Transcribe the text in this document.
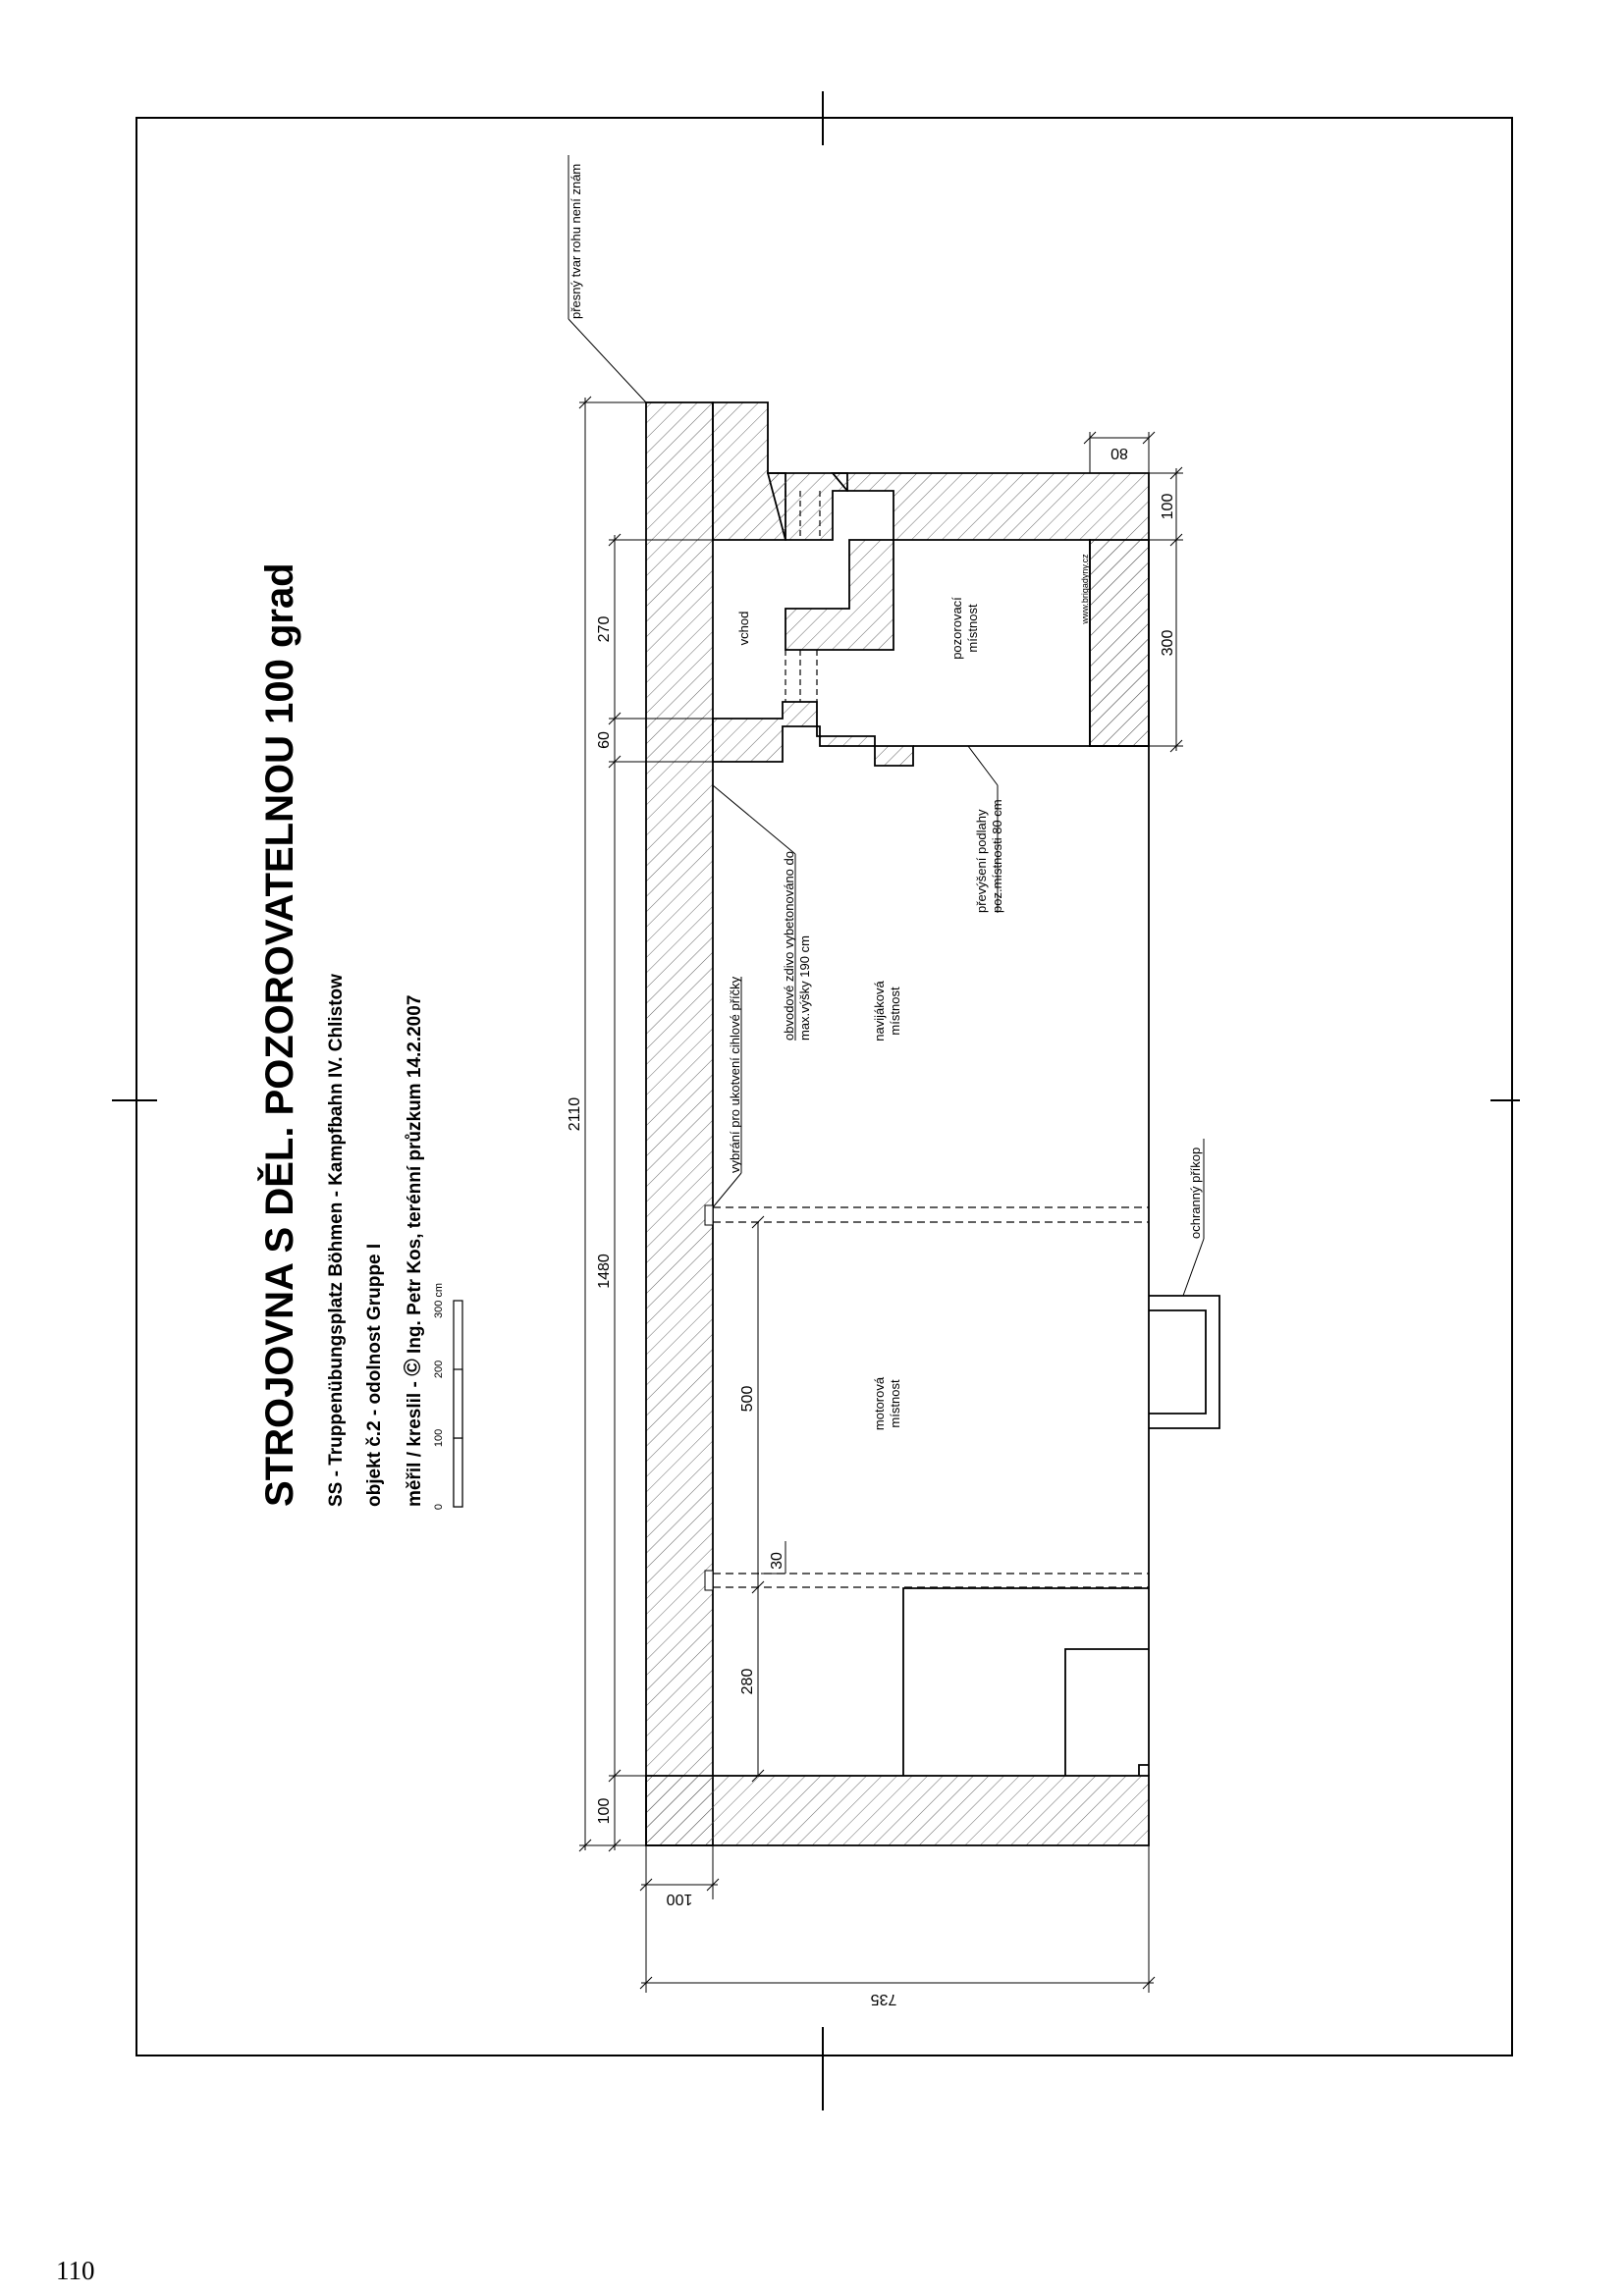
STROJOVNA S DĚL. POZOROVATELNOU 100 grad SS - Truppenübungsplatz Böhmen - Kampfbahn IV. Chlistow objekt č.2 - odolnost Gruppe I měřil / kreslil - © Ing. Petr Kos, terénní průzkum 14.2.2007
0
100
200
300 cm
vchod	pozorovací místnost
www.brigadyny.cz
navijáková místnost
motorová místnost
přesný tvar rohu není znám
převýšení podlahy poz.místnosti 80 cm
obvodové zdivo vybetonováno do max.výšky 190 cm
vybrání pro ukotvení cihlové příčky
ochranný příkop
2110
270
60
1480
100
500
30
280
100
735
80
100
300
110
